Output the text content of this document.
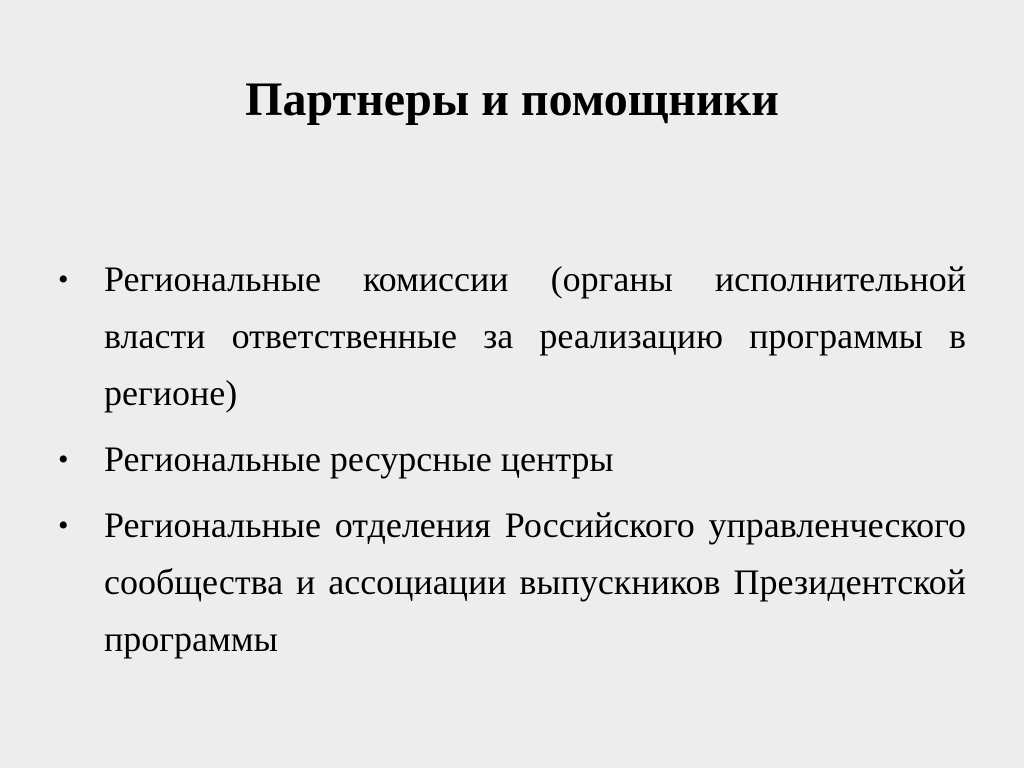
Партнеры и помощники
• Региональные комиссии (органы исполнительной власти ответственные за реализацию программы в регионе)
• Региональные ресурсные центры
• Региональные отделения Российского управленческого сообщества и ассоциации выпускников Президентской программы
